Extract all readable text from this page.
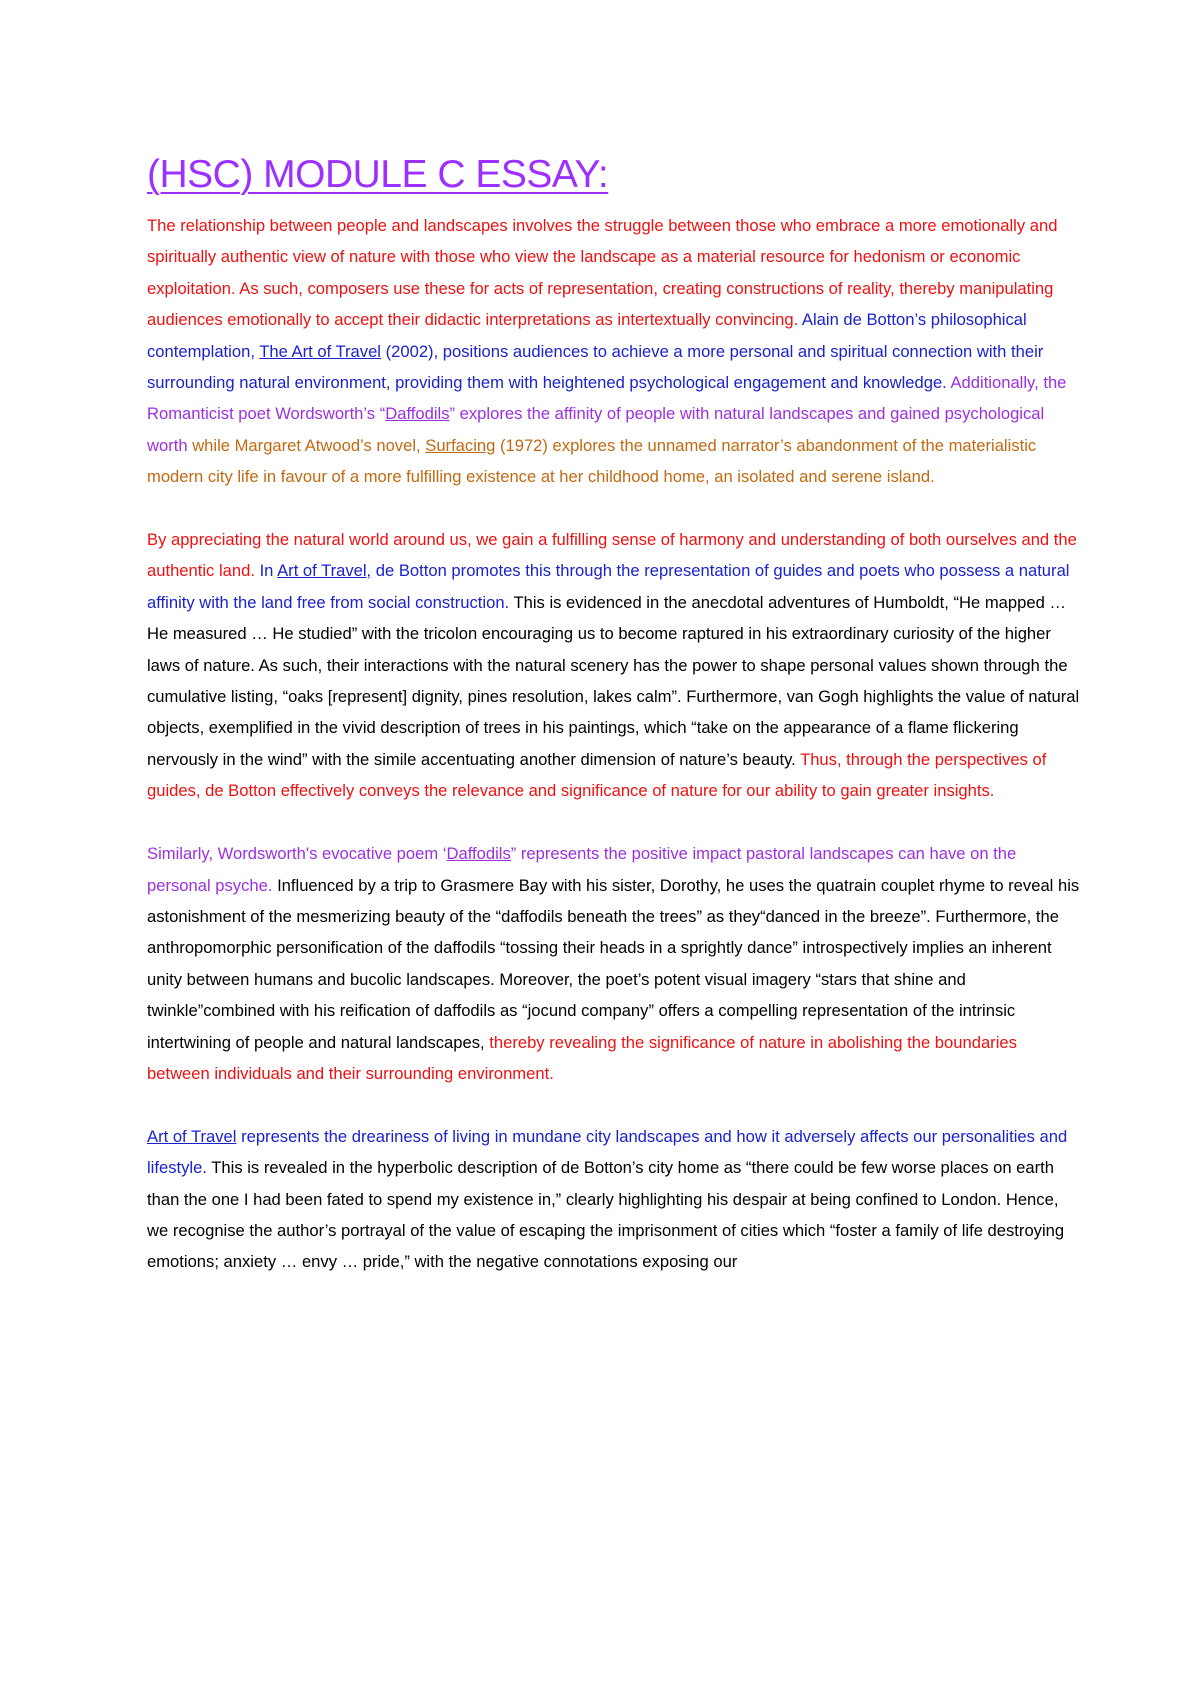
(HSC) MODULE C ESSAY:

The relationship between people and landscapes involves the struggle between those who embrace a more emotionally and spiritually authentic view of nature with those who view the landscape as a material resource for hedonism or economic exploitation. As such, composers use these for acts of representation, creating constructions of reality, thereby manipulating audiences emotionally to accept their didactic interpretations as intertextually convincing. Alain de Botton’s philosophical contemplation, The Art of Travel (2002), positions audiences to achieve a more personal and spiritual connection with their surrounding natural environment, providing them with heightened psychological engagement and knowledge. Additionally, the Romanticist poet Wordsworth’s “Daffodils” explores the affinity of people with natural landscapes and gained psychological worth while Margaret Atwood’s novel, Surfacing (1972) explores the unnamed narrator’s abandonment of the materialistic modern city life in favour of a more fulfilling existence at her childhood home, an isolated and serene island.

By appreciating the natural world around us, we gain a fulfilling sense of harmony and understanding of both ourselves and the authentic land. In Art of Travel, de Botton promotes this through the representation of guides and poets who possess a natural affinity with the land free from social construction. This is evidenced in the anecdotal adventures of Humboldt, “He mapped … He measured … He studied” with the tricolon encouraging us to become raptured in his extraordinary curiosity of the higher laws of nature. As such, their interactions with the natural scenery has the power to shape personal values shown through the cumulative listing, “oaks [represent] dignity, pines resolution, lakes calm”. Furthermore, van Gogh highlights the value of natural objects, exemplified in the vivid description of trees in his paintings, which “take on the appearance of a flame flickering nervously in the wind” with the simile accentuating another dimension of nature’s beauty. Thus, through the perspectives of guides, de Botton effectively conveys the relevance and significance of nature for our ability to gain greater insights.

Similarly, Wordsworth's evocative poem ‘Daffodils” represents the positive impact pastoral landscapes can have on the personal psyche. Influenced by a trip to Grasmere Bay with his sister, Dorothy, he uses the quatrain couplet rhyme to reveal his astonishment of the mesmerizing beauty of the “daffodils beneath the trees” as they“danced in the breeze”. Furthermore, the anthropomorphic personification of the daffodils “tossing their heads in a sprightly dance” introspectively implies an inherent unity between humans and bucolic landscapes. Moreover, the poet’s potent visual imagery “stars that shine and twinkle”combined with his reification of daffodils as “jocund company” offers a compelling representation of the intrinsic intertwining of people and natural landscapes, thereby revealing the significance of nature in abolishing the boundaries between individuals and their surrounding environment.

Art of Travel represents the dreariness of living in mundane city landscapes and how it adversely affects our personalities and lifestyle. This is revealed in the hyperbolic description of de Botton’s city home as “there could be few worse places on earth than the one I had been fated to spend my existence in,” clearly highlighting his despair at being confined to London. Hence, we recognise the author’s portrayal of the value of escaping the imprisonment of cities which “foster a family of life destroying emotions; anxiety … envy … pride,” with the negative connotations exposing our
